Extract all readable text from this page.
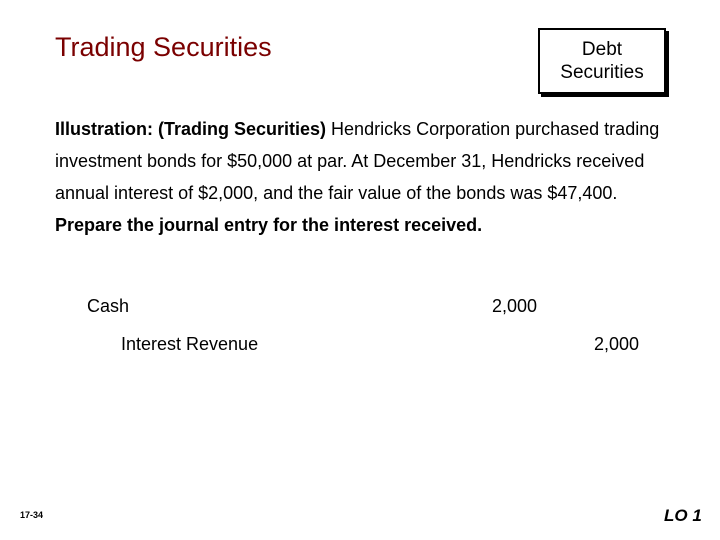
Trading Securities	Debt
Securities
Illustration: (Trading Securities) Hendricks Corporation purchased trading investment bonds for $50,000 at par. At December 31, Hendricks received annual interest of $2,000, and the fair value of the bonds was $47,400. Prepare the journal entry for the interest received.
Cash	2,000
Interest Revenue	2,000
17-34	LO 1
